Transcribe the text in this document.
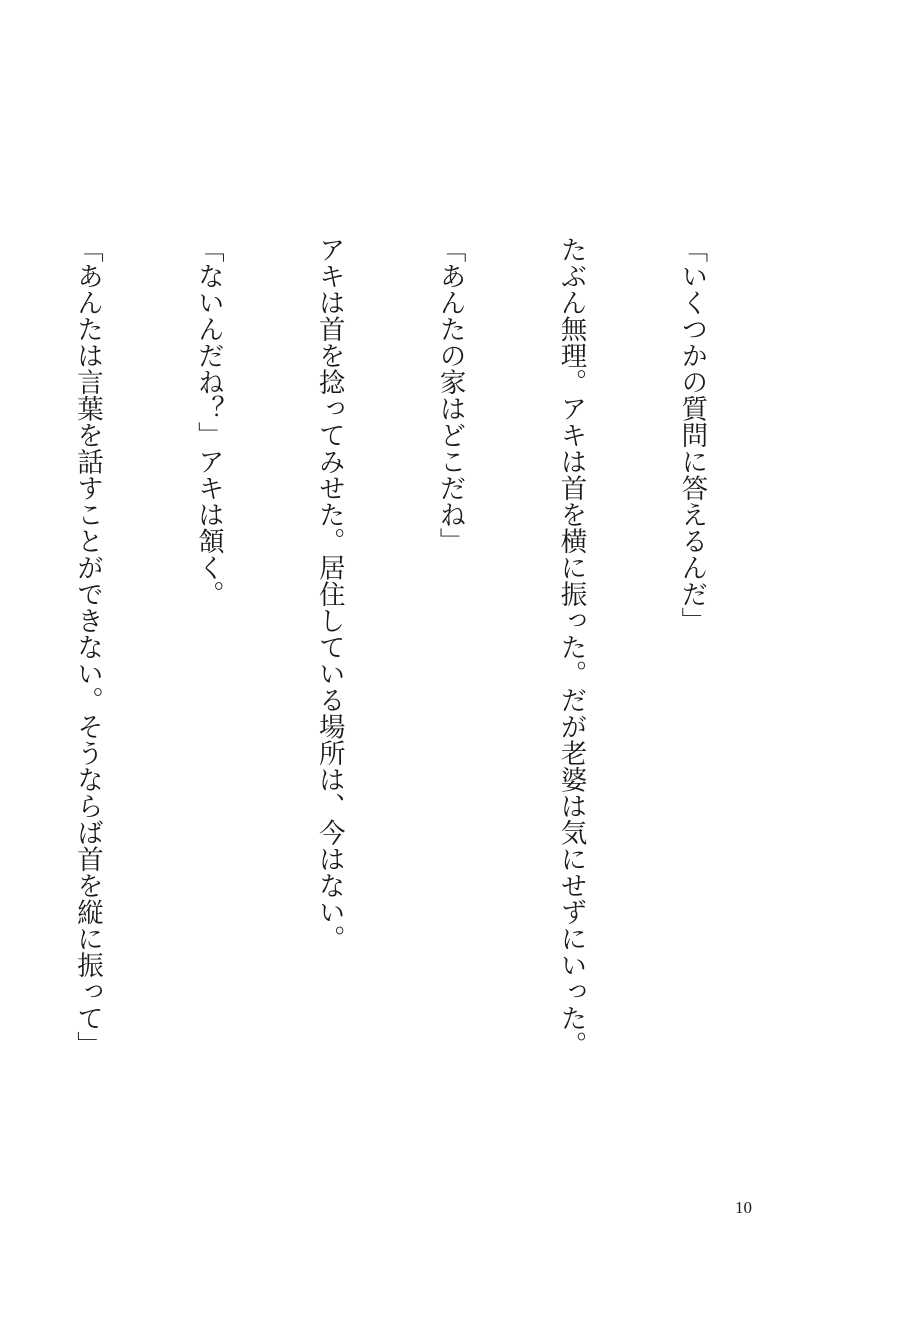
「いくつかの質問に答えるんだ」

たぶん無理。アキは首を横に振った。だが老婆は気にせずにいった。

「あんたの家はどこだね」

アキは首を捻ってみせた。居住している場所は、今はない。

「ないんだね？」アキは頷く。

「あんたは言葉を話すことができない。そうならば首を縦に振って」

10
